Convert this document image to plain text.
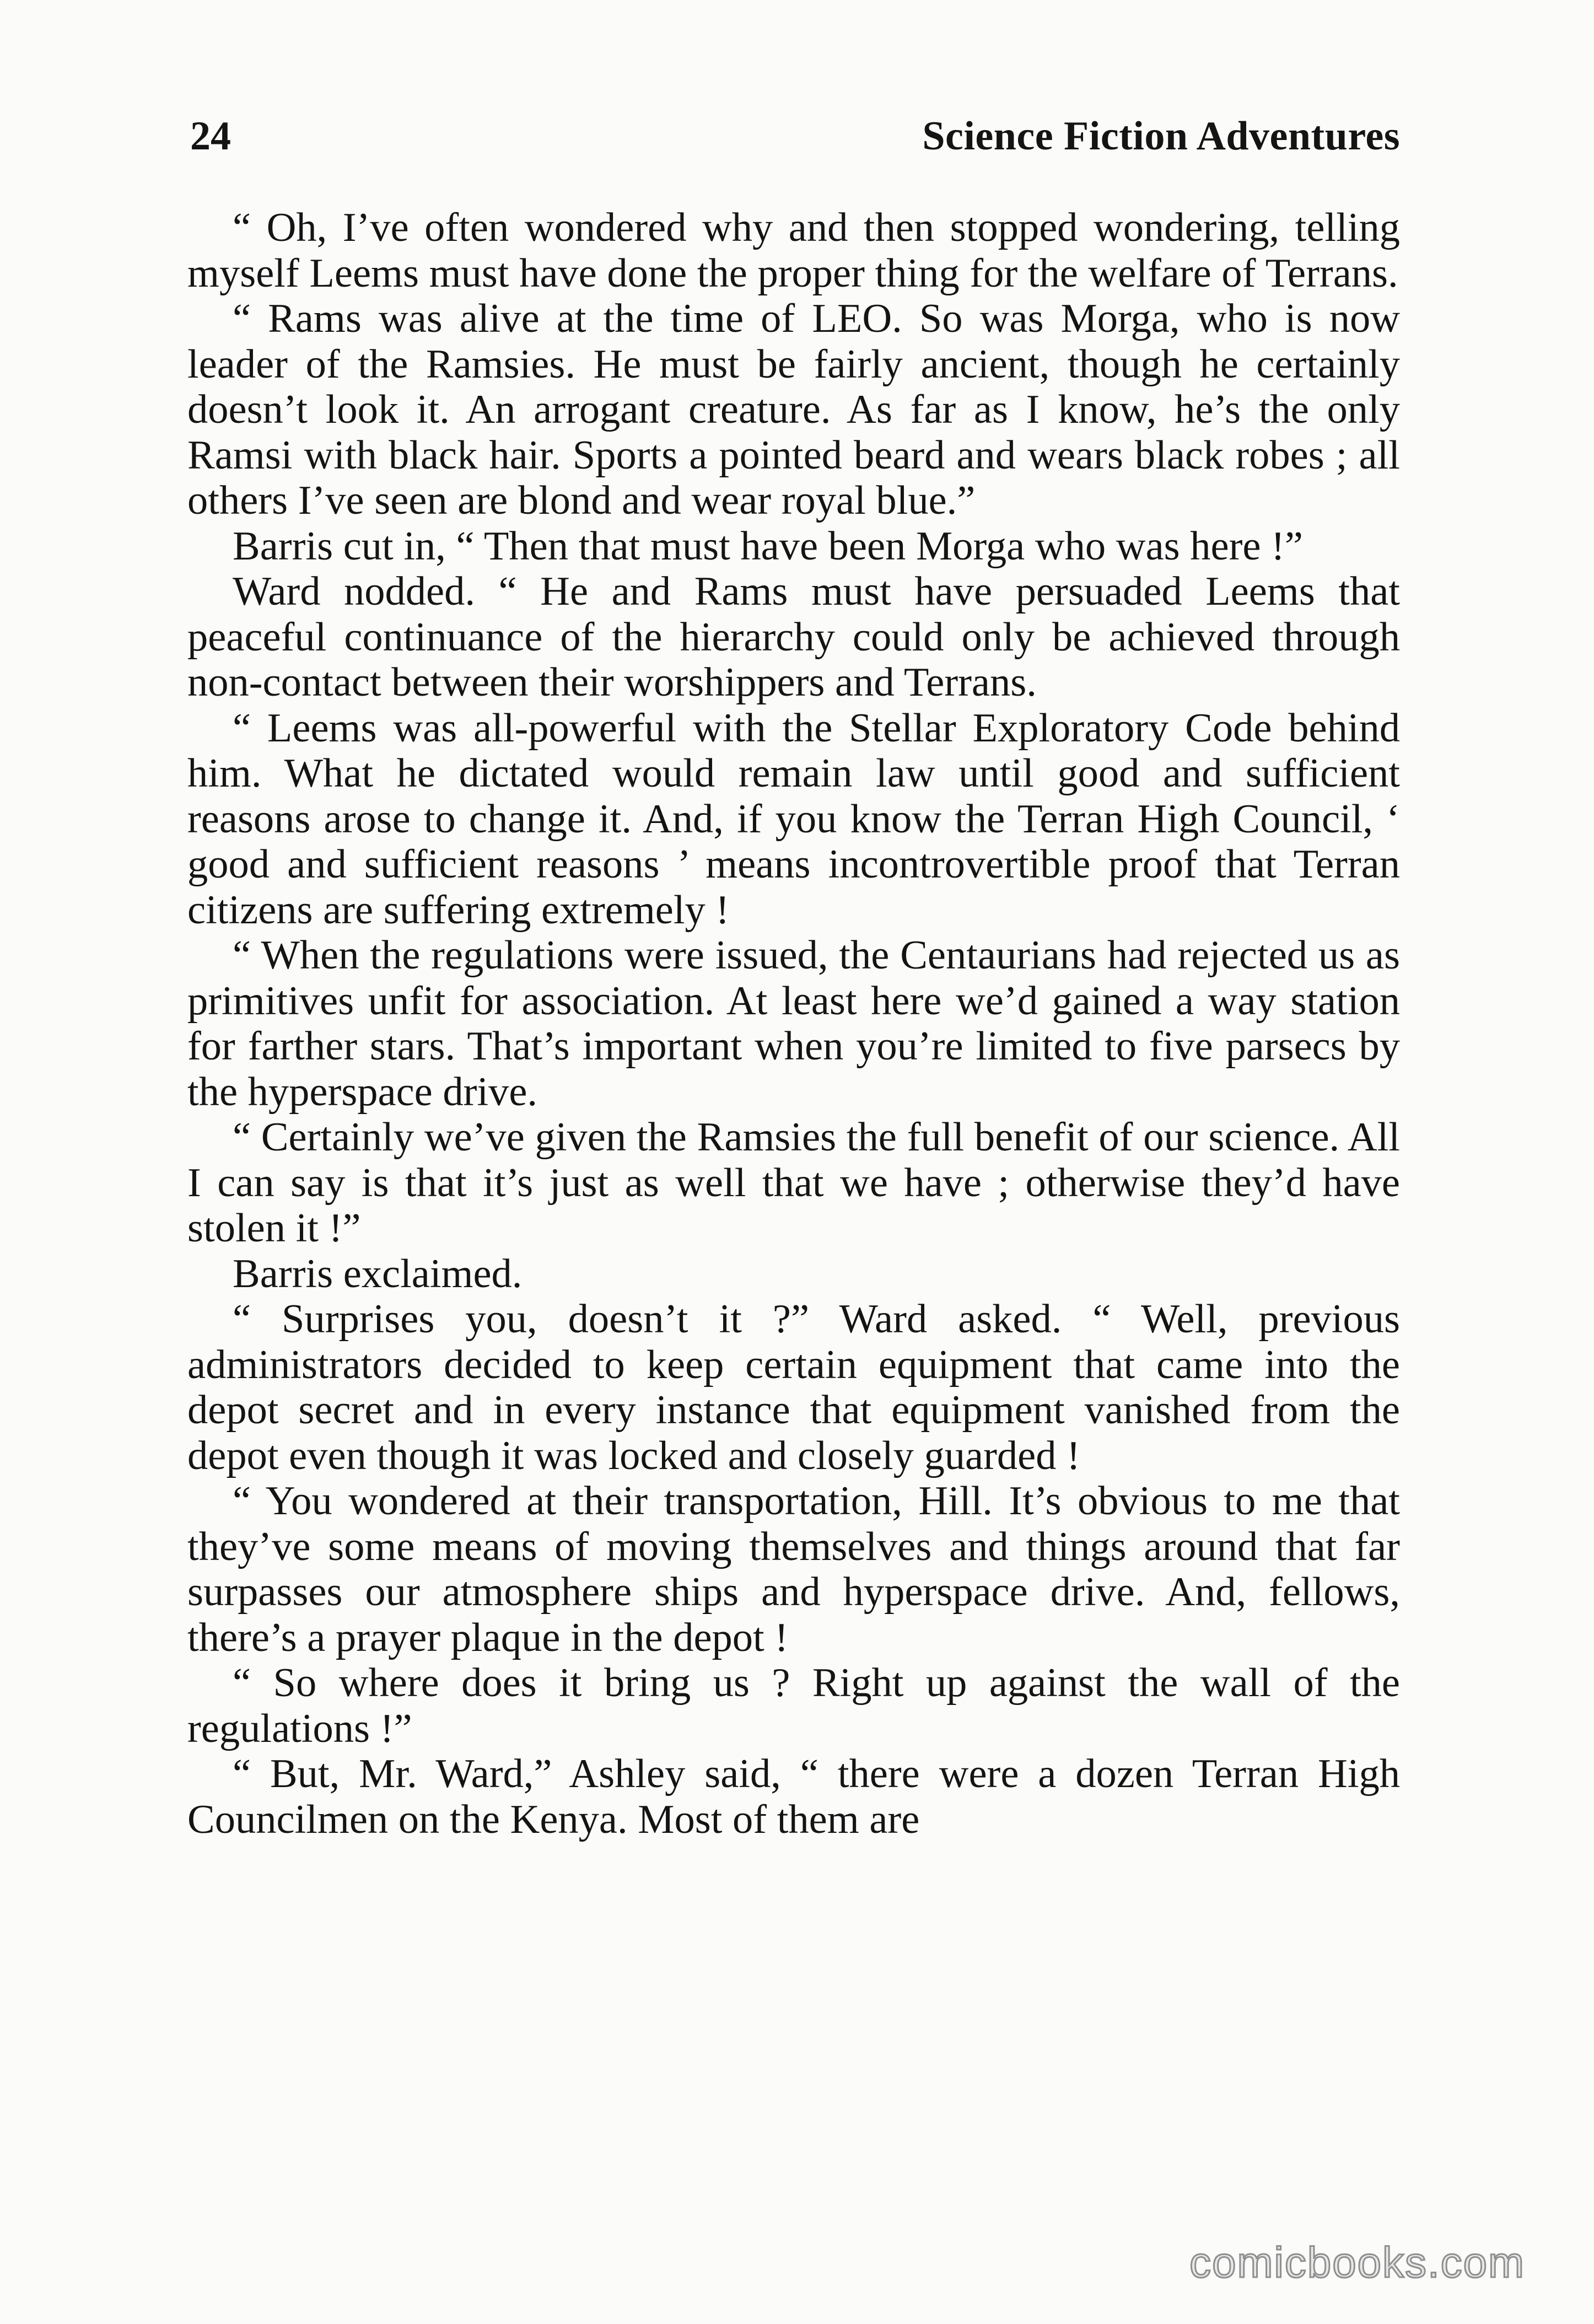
24	Science Fiction Adventures

“ Oh, I’ve often wondered why and then stopped wondering, telling myself Leems must have done the proper thing for the welfare of Terrans.

“ Rams was alive at the time of LEO. So was Morga, who is now leader of the Ramsies. He must be fairly ancient, though he certainly doesn’t look it. An arrogant creature. As far as I know, he’s the only Ramsi with black hair. Sports a pointed beard and wears black robes ; all others I’ve seen are blond and wear royal blue.”

Barris cut in, “ Then that must have been Morga who was here !”

Ward nodded. “ He and Rams must have persuaded Leems that peaceful continuance of the hierarchy could only be achieved through non-contact between their worshippers and Terrans.

“ Leems was all-powerful with the Stellar Exploratory Code behind him. What he dictated would remain law until good and sufficient reasons arose to change it. And, if you know the Terran High Council, ‘ good and sufficient reasons ’ means incontrovertible proof that Terran citizens are suffering extremely !

“ When the regulations were issued, the Centaurians had rejected us as primitives unfit for association. At least here we’d gained a way station for farther stars. That’s important when you’re limited to five parsecs by the hyperspace drive.

“ Certainly we’ve given the Ramsies the full benefit of our science. All I can say is that it’s just as well that we have ; otherwise they’d have stolen it !”

Barris exclaimed.

“ Surprises you, doesn’t it ?” Ward asked. “ Well, previous administrators decided to keep certain equipment that came into the depot secret and in every instance that equipment vanished from the depot even though it was locked and closely guarded !

“ You wondered at their transportation, Hill. It’s obvious to me that they’ve some means of moving themselves and things around that far surpasses our atmosphere ships and hyperspace drive. And, fellows, there’s a prayer plaque in the depot !

“ So where does it bring us ? Right up against the wall of the regulations !”

“ But, Mr. Ward,” Ashley said, “ there were a dozen Terran High Councilmen on the Kenya. Most of them are

comicbooks.com
